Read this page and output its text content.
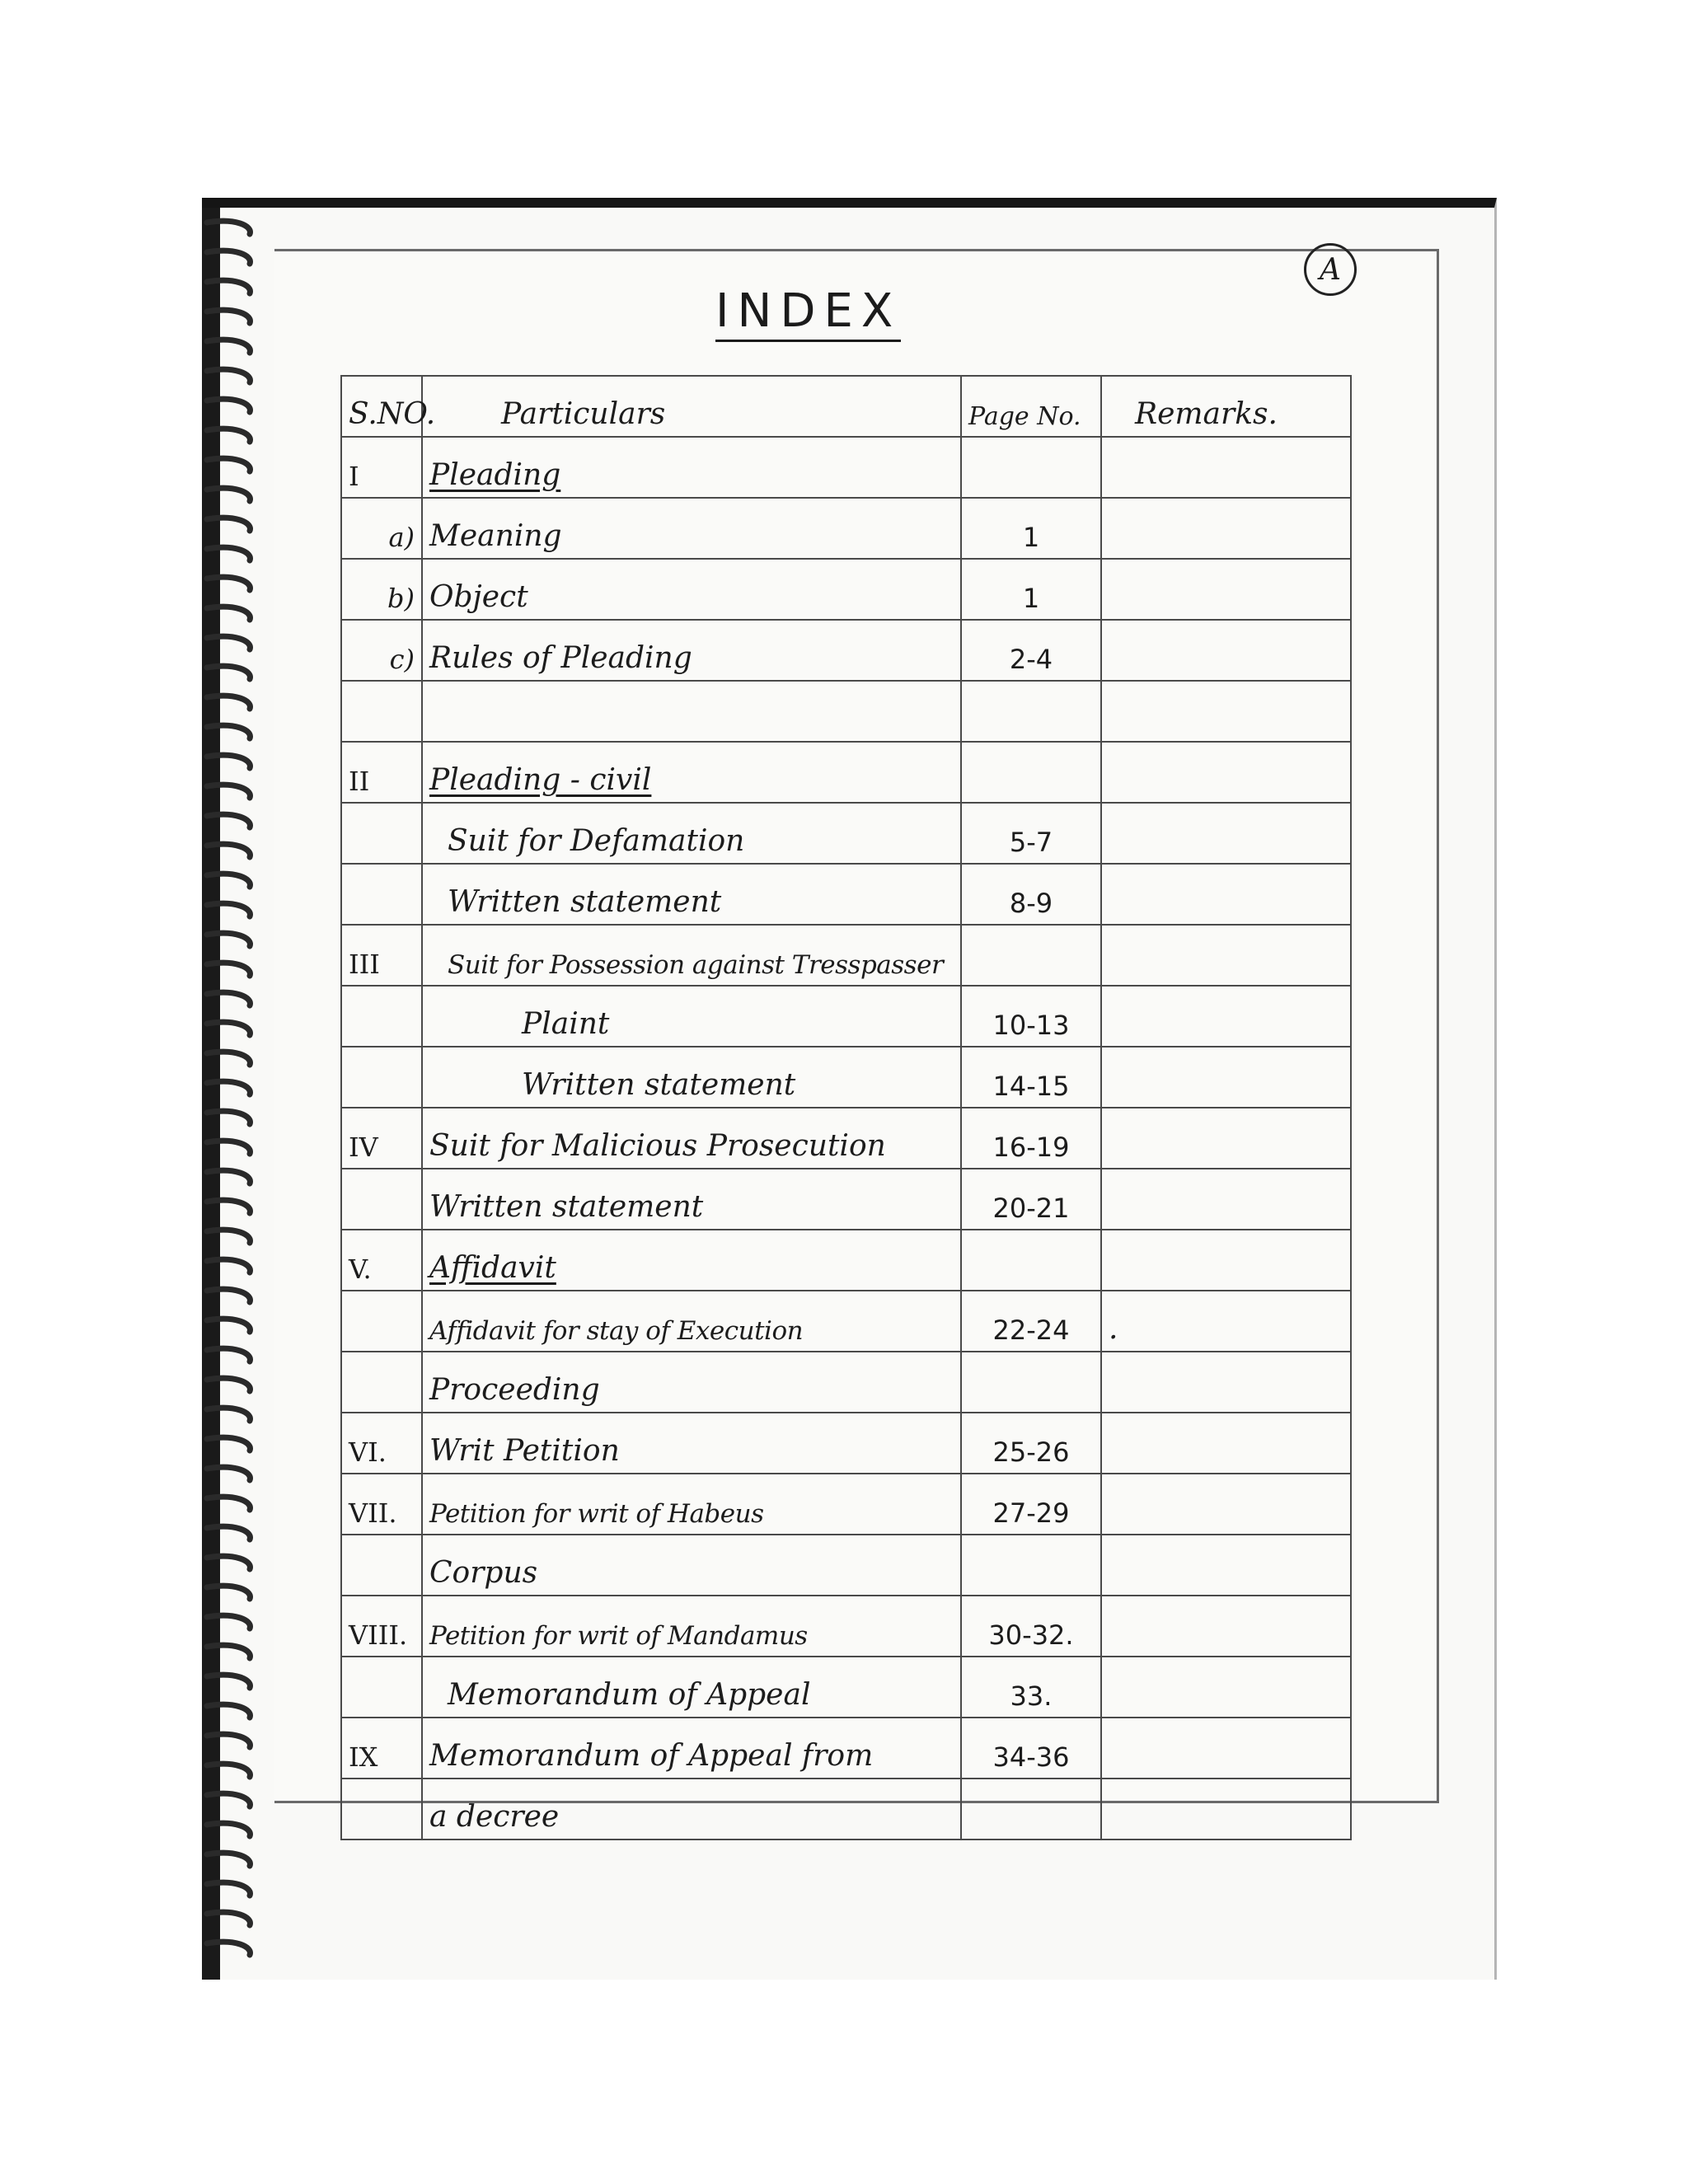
A
INDEX
S.NO.	Particulars	Page No.	Remarks.
I	Pleading		
a)	Meaning	1	
b)	Object	1	
c)	Rules of Pleading	2-4	

II	Pleading - civil		
	Suit for Defamation	5-7	
	Written statement	8-9	
III	Suit for Possession against Tresspasser		
	Plaint	10-13	
	Written statement	14-15	
IV	Suit for Malicious Prosecution	16-19	
	Written statement	20-21	
V.	Affidavit		
	Affidavit for stay of Execution	22-24	.
	Proceeding		
VI.	Writ Petition	25-26	
VII.	Petition for writ of Habeus	27-29	
	Corpus		
VIII.	Petition for writ of Mandamus	30-32.	
	Memorandum of Appeal	33.	
IX	Memorandum of Appeal from	34-36	
	a decree		
